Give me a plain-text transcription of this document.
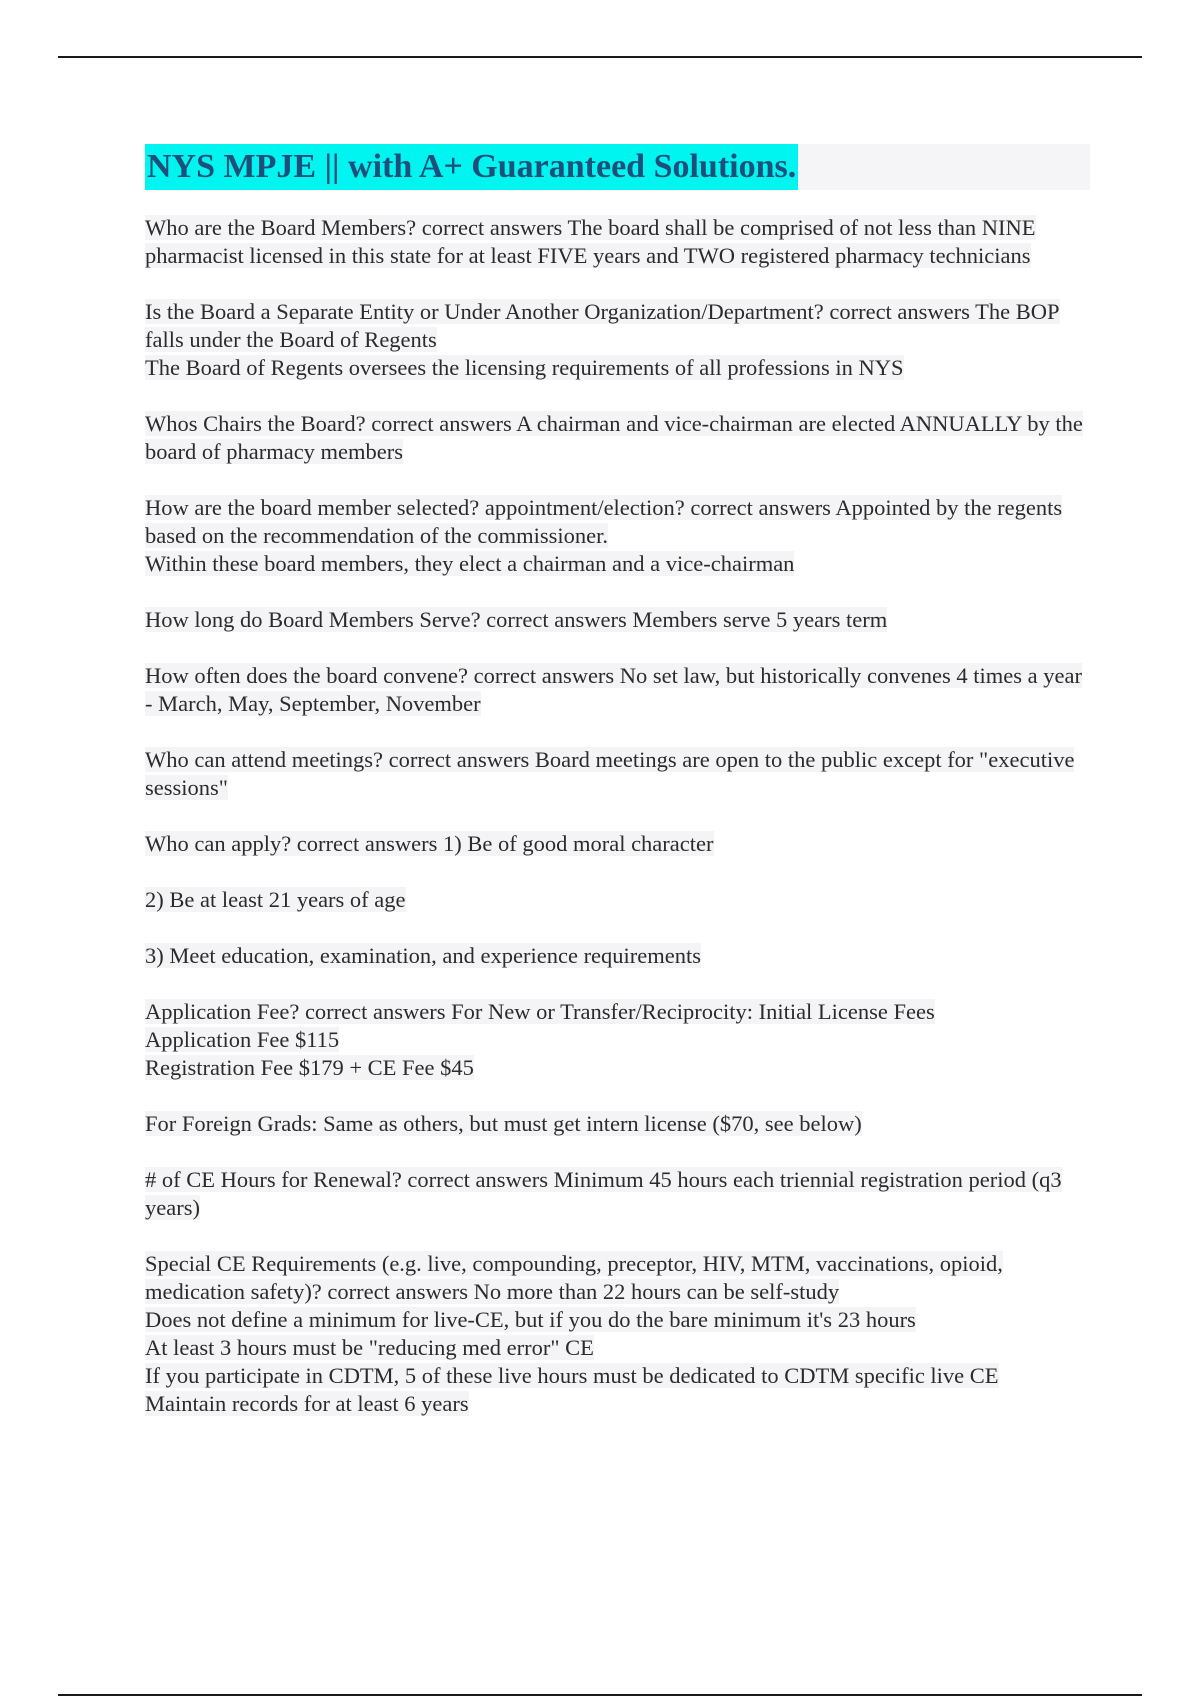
NYS MPJE || with A+ Guaranteed Solutions.
Who are the Board Members? correct answers The board shall be comprised of not less than NINE pharmacist licensed in this state for at least FIVE years and TWO registered pharmacy technicians
Is the Board a Separate Entity or Under Another Organization/Department? correct answers The BOP falls under the Board of Regents
The Board of Regents oversees the licensing requirements of all professions in NYS
Whos Chairs the Board? correct answers A chairman and vice-chairman are elected ANNUALLY by the board of pharmacy members
How are the board member selected? appointment/election? correct answers Appointed by the regents based on the recommendation of the commissioner.
Within these board members, they elect a chairman and a vice-chairman
How long do Board Members Serve? correct answers Members serve 5 years term
How often does the board convene? correct answers No set law, but historically convenes 4 times a year - March, May, September, November
Who can attend meetings? correct answers Board meetings are open to the public except for "executive sessions"
Who can apply? correct answers 1) Be of good moral character
2) Be at least 21 years of age
3) Meet education, examination, and experience requirements
Application Fee? correct answers For New or Transfer/Reciprocity: Initial License Fees
Application Fee $115
Registration Fee $179 + CE Fee $45
For Foreign Grads: Same as others, but must get intern license ($70, see below)
# of CE Hours for Renewal? correct answers Minimum 45 hours each triennial registration period (q3 years)
Special CE Requirements (e.g. live, compounding, preceptor, HIV, MTM, vaccinations, opioid, medication safety)? correct answers No more than 22 hours can be self-study
Does not define a minimum for live-CE, but if you do the bare minimum it's 23 hours
At least 3 hours must be "reducing med error" CE
If you participate in CDTM, 5 of these live hours must be dedicated to CDTM specific live CE
Maintain records for at least 6 years
